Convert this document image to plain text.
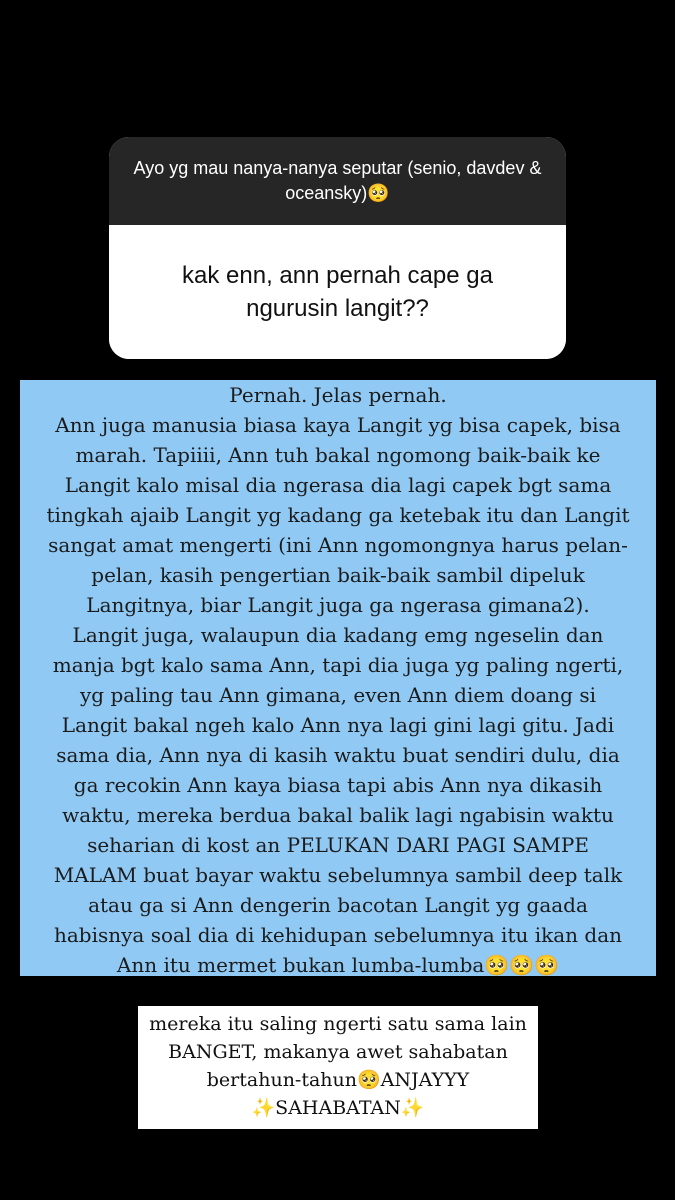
Ayo yg mau nanya-nanya seputar (senio, davdev & oceansky)🥺
kak enn, ann pernah cape ga ngurusin langit??
Pernah. Jelas pernah.
Ann juga manusia biasa kaya Langit yg bisa capek, bisa
marah. Tapiiii, Ann tuh bakal ngomong baik-baik ke
Langit kalo misal dia ngerasa dia lagi capek bgt sama
tingkah ajaib Langit yg kadang ga ketebak itu dan Langit
sangat amat mengerti (ini Ann ngomongnya harus pelan-
pelan, kasih pengertian baik-baik sambil dipeluk
Langitnya, biar Langit juga ga ngerasa gimana2).
Langit juga, walaupun dia kadang emg ngeselin dan
manja bgt kalo sama Ann, tapi dia juga yg paling ngerti,
yg paling tau Ann gimana, even Ann diem doang si
Langit bakal ngeh kalo Ann nya lagi gini lagi gitu. Jadi
sama dia, Ann nya di kasih waktu buat sendiri dulu, dia
ga recokin Ann kaya biasa tapi abis Ann nya dikasih
waktu, mereka berdua bakal balik lagi ngabisin waktu
seharian di kost an PELUKAN DARI PAGI SAMPE
MALAM buat bayar waktu sebelumnya sambil deep talk
atau ga si Ann dengerin bacotan Langit yg gaada
habisnya soal dia di kehidupan sebelumnya itu ikan dan
Ann itu mermet bukan lumba-lumba🥺🥺🥺
mereka itu saling ngerti satu sama lain
BANGET, makanya awet sahabatan
bertahun-tahun🥺ANJAYYY
✨SAHABATAN✨
